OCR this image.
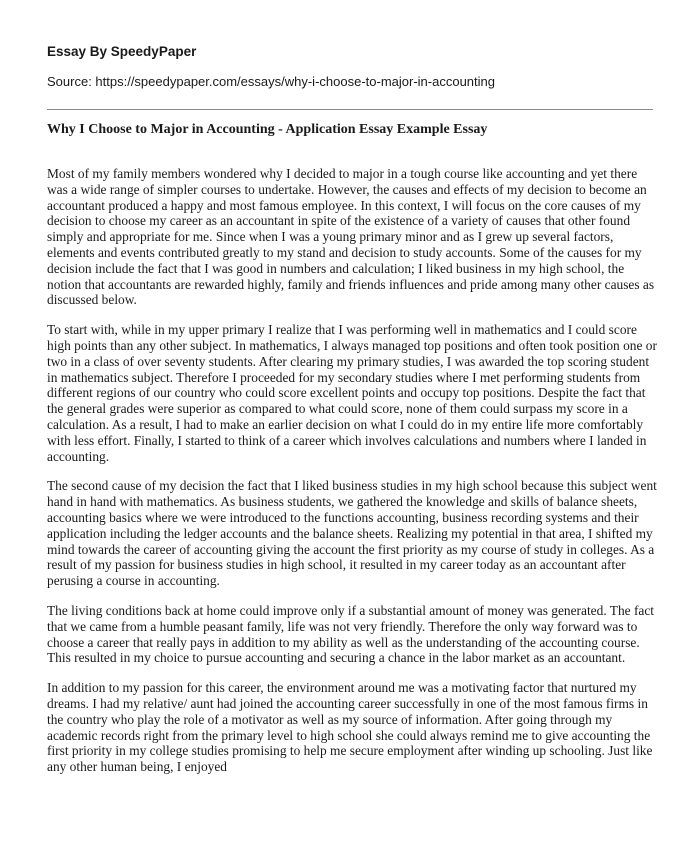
Essay By SpeedyPaper

Source: https://speedypaper.com/essays/why-i-choose-to-major-in-accounting

Why I Choose to Major in Accounting - Application Essay Example Essay

Most of my family members wondered why I decided to major in a tough course like accounting and yet there was a wide range of simpler courses to undertake. However, the causes and effects of my decision to become an accountant produced a happy and most famous employee. In this context, I will focus on the core causes of my decision to choose my career as an accountant in spite of the existence of a variety of causes that other found simply and appropriate for me. Since when I was a young primary minor and as I grew up several factors, elements and events contributed greatly to my stand and decision to study accounts. Some of the causes for my decision include the fact that I was good in numbers and calculation; I liked business in my high school, the notion that accountants are rewarded highly, family and friends influences and pride among many other causes as discussed below.

To start with, while in my upper primary I realize that I was performing well in mathematics and I could score high points than any other subject. In mathematics, I always managed top positions and often took position one or two in a class of over seventy students. After clearing my primary studies, I was awarded the top scoring student in mathematics subject. Therefore I proceeded for my secondary studies where I met performing students from different regions of our country who could score excellent points and occupy top positions. Despite the fact that the general grades were superior as compared to what could score, none of them could surpass my score in a calculation. As a result, I had to make an earlier decision on what I could do in my entire life more comfortably with less effort. Finally, I started to think of a career which involves calculations and numbers where I landed in accounting.

The second cause of my decision the fact that I liked business studies in my high school because this subject went hand in hand with mathematics. As business students, we gathered the knowledge and skills of balance sheets, accounting basics where we were introduced to the functions accounting, business recording systems and their application including the ledger accounts and the balance sheets. Realizing my potential in that area, I shifted my mind towards the career of accounting giving the account the first priority as my course of study in colleges. As a result of my passion for business studies in high school, it resulted in my career today as an accountant after perusing a course in accounting.

The living conditions back at home could improve only if a substantial amount of money was generated. The fact that we came from a humble peasant family, life was not very friendly. Therefore the only way forward was to choose a career that really pays in addition to my ability as well as the understanding of the accounting course. This resulted in my choice to pursue accounting and securing a chance in the labor market as an accountant.

In addition to my passion for this career, the environment around me was a motivating factor that nurtured my dreams. I had my relative/ aunt had joined the accounting career successfully in one of the most famous firms in the country who play the role of a motivator as well as my source of information. After going through my academic records right from the primary level to high school she could always remind me to give accounting the first priority in my college studies promising to help me secure employment after winding up schooling. Just like any other human being, I enjoyed
